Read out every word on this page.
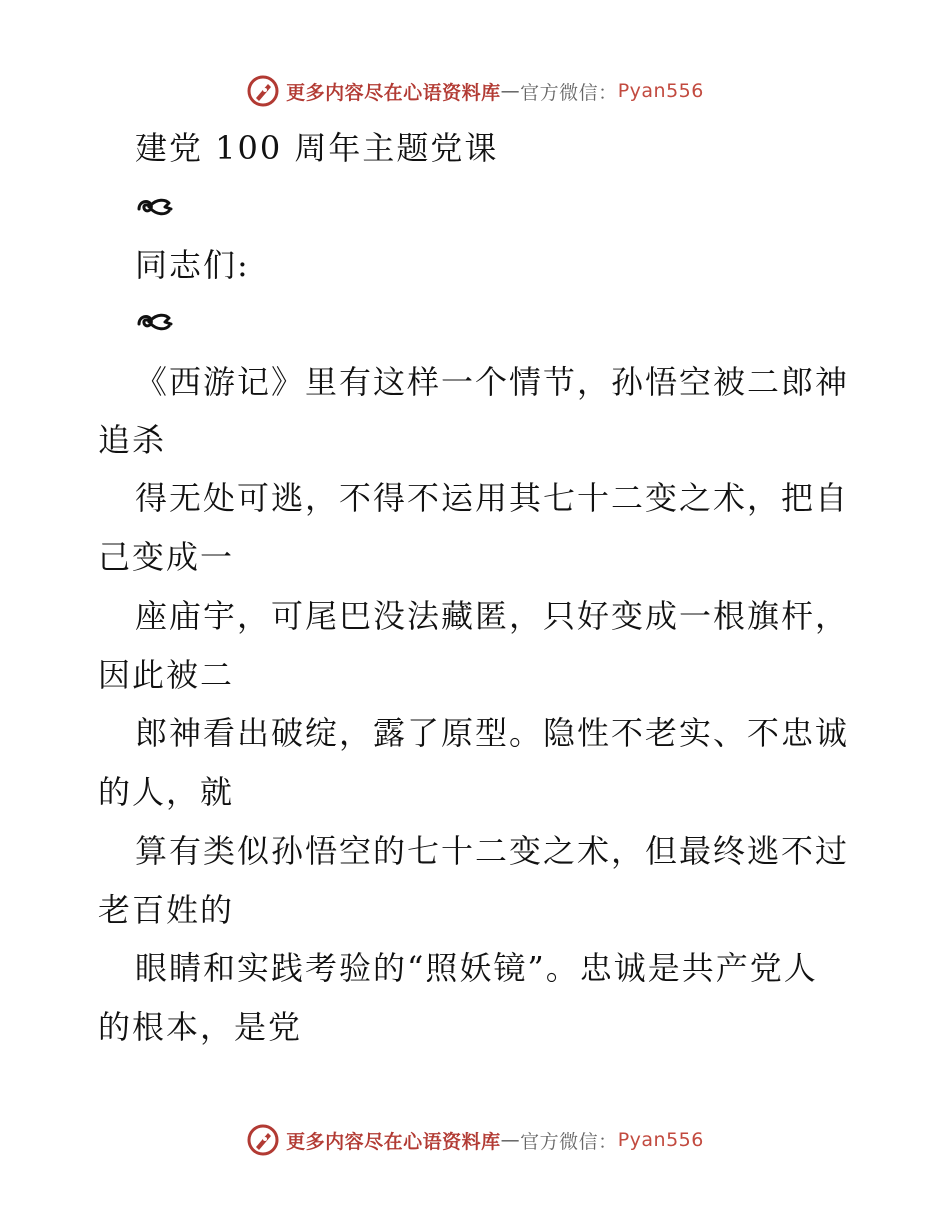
更多内容尽在心语资料库 — 官方微信： Pyan556
建党 100 周年主题党课
同志们:
《西游记》里有这样一个情节，孙悟空被二郎神
追杀
得无处可逃，不得不运用其七十二变之术，把自
己变成一
座庙宇，可尾巴没法藏匿，只好变成一根旗杆，
因此被二
郎神看出破绽，露了原型。隐性不老实、不忠诚
的人，就
算有类似孙悟空的七十二变之术，但最终逃不过
老百姓的
眼睛和实践考验的“照妖镜”。忠诚是共产党人
的根本，是党
更多内容尽在心语资料库 — 官方微信： Pyan556
